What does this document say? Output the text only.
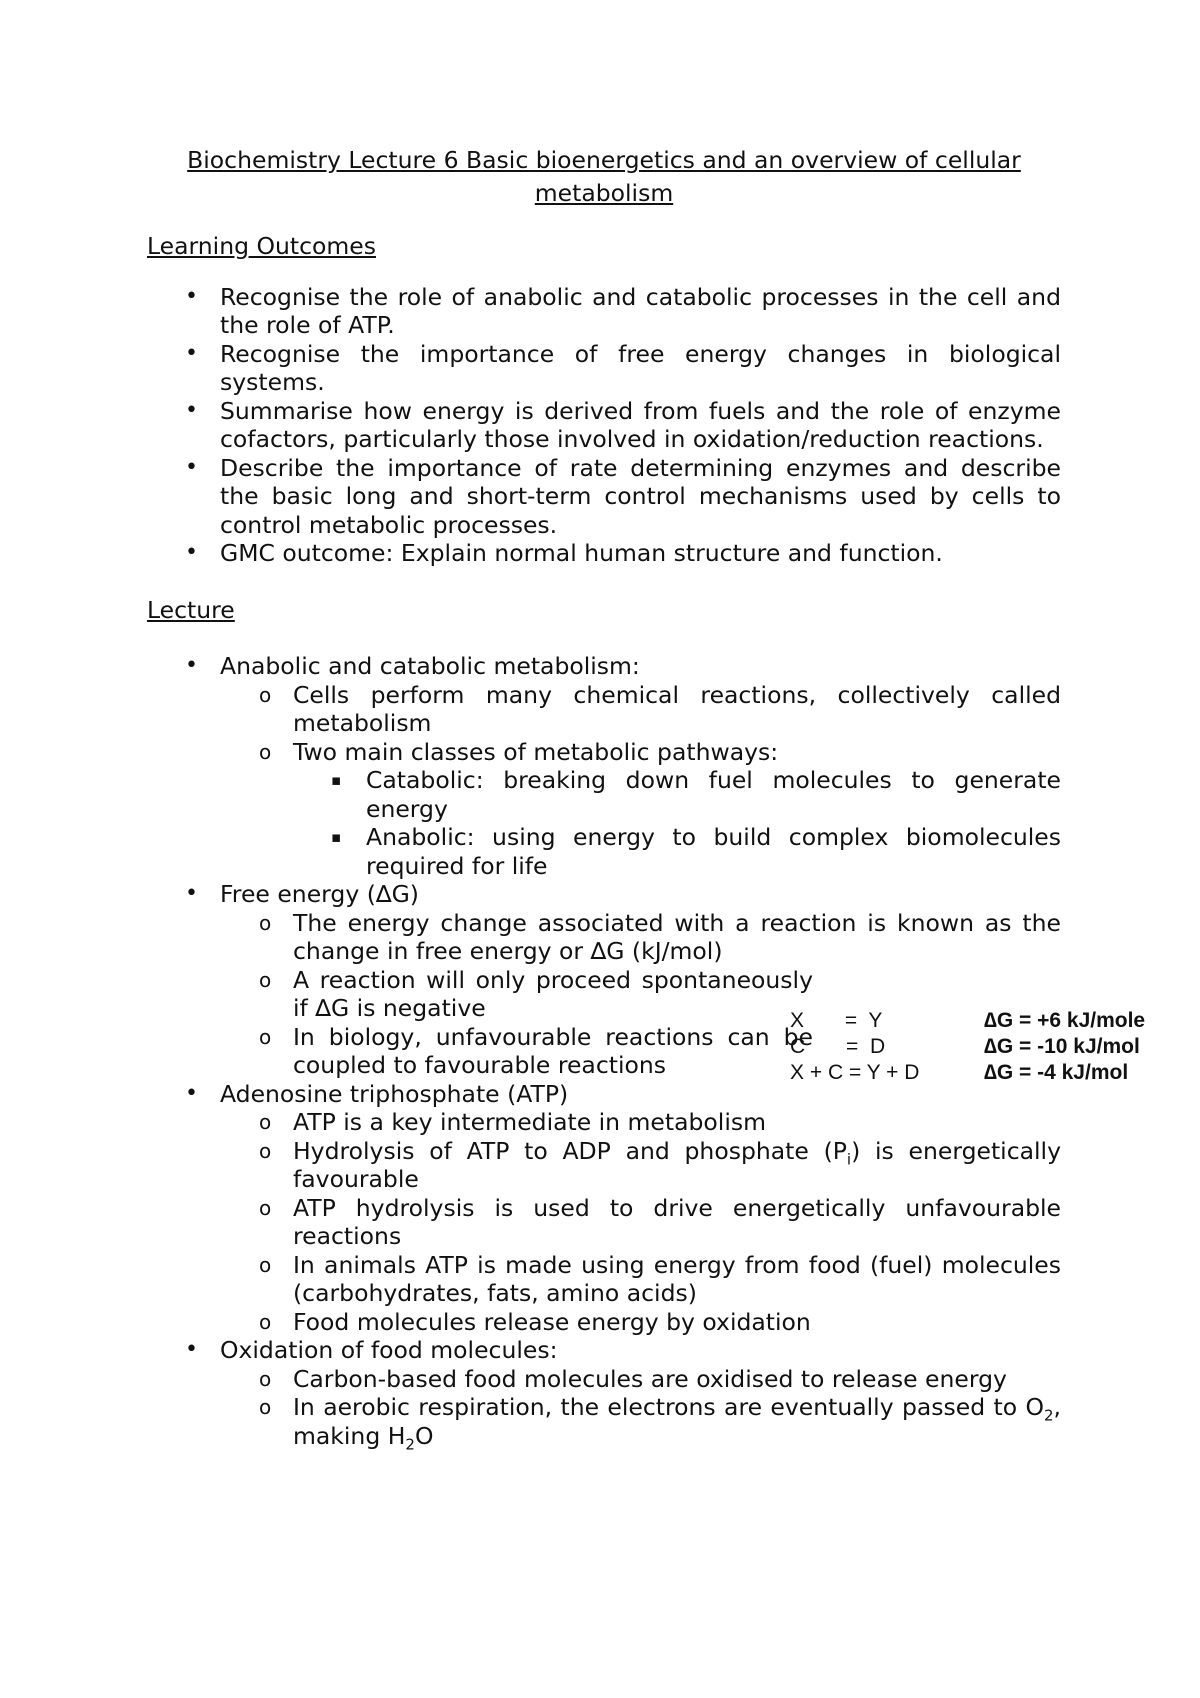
Biochemistry Lecture 6 Basic bioenergetics and an overview of cellular metabolism

Learning Outcomes

• Recognise the role of anabolic and catabolic processes in the cell and the role of ATP.
• Recognise the importance of free energy changes in biological systems.
• Summarise how energy is derived from fuels and the role of enzyme cofactors, particularly those involved in oxidation/reduction reactions.
• Describe the importance of rate determining enzymes and describe the basic long and short-term control mechanisms used by cells to control metabolic processes.
• GMC outcome: Explain normal human structure and function.

Lecture

• Anabolic and catabolic metabolism:
o Cells perform many chemical reactions, collectively called metabolism
o Two main classes of metabolic pathways:
▪ Catabolic: breaking down fuel molecules to generate energy
▪ Anabolic: using energy to build complex biomolecules required for life
• Free energy (∆G)
o The energy change associated with a reaction is known as the change in free energy or ∆G (kJ/mol)
o A reaction will only proceed spontaneously if ∆G is negative
o In biology, unfavourable reactions can be coupled to favourable reactions
• Adenosine triphosphate (ATP)
o ATP is a key intermediate in metabolism
o Hydrolysis of ATP to ADP and phosphate $(P_i)$ is energetically favourable
o ATP hydrolysis is used to drive energetically unfavourable reactions
o In animals ATP is made using energy from food (fuel) molecules (carbohydrates, fats, amino acids)
o Food molecules release energy by oxidation
• Oxidation of food molecules:
o Carbon-based food molecules are oxidised to release energy
o In aerobic respiration, the electrons are eventually passed to $O_2$, making $H_2O$
X       =  Y	∆G = +6 kJ/mole
C       =  D	∆G = -10 kJ/mol
X + C = Y + D	∆G = -4 kJ/mol
